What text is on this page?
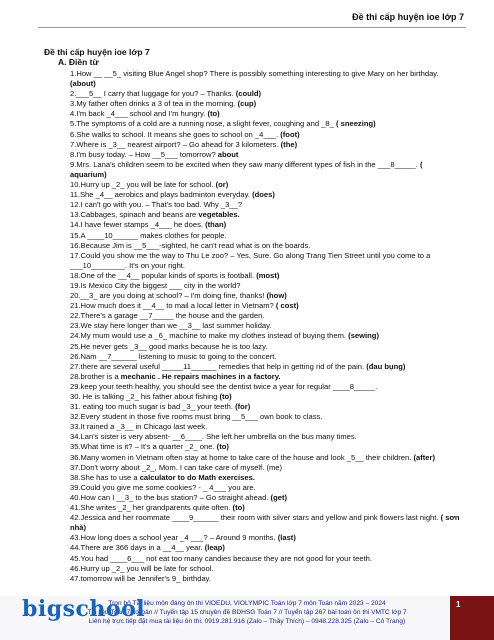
Đề thi cấp huyện ioe lớp 7
Đề thi cấp huyện ioe lớp 7
A. Điền từ
1.How __ __5_ visiting Blue Angel shop? There is possibly something interesting to give Mary on her birthday. (about)
2.___5__ I carry that luggage for you? – Thanks. (could)
3.My father often drinks a 3 of tea in the morning. (cup)
4.I'm back _4___ school and I'm hungry. (to)
5.The symptoms of a cold are a running nose, a slight fever, coughing and _8_ ( sneezing)
6.She walks to school. It means she goes to school on _4___. (foot)
7.Where is _3__ nearest airport? – Go ahead for 3 kilometers. (the)
8.I'm busy today. – How __5___ tomorrow? about
9.Mrs. Lana's children seem to be excited when they saw many different types of fish in the ___8_____. ( aquarium)
10.Hurry up _2_ you will be late for school. (or)
11.She _4__ aerobics and plays badminton everyday. (does)
12.I can't go with you. – That's too bad. Why _3__?
13.Cabbages, spinach and beans are vegetables.
14.I have fewer stamps _4___ he does. (than)
15.A ____10______ makes clothes for people.
16.Because Jim is __5___-sighted, he can't read what is on the boards.
17.Could you show me the way to Thu Le zoo? – Yes, Sure. Go along Trang Tien Street until you come to a ___10________. It's on your right.
18.One of the __4__ popular kinds of sports is football. (most)
19.Is Mexico City the biggest ___ city in the world?
20.__3_ are you doing at school? – I'm doing fine, thanks! (how)
21.How much does it __4__ to mail a local letter in Vietnam? ( cost)
22.There's a garage __7_____ the house and the garden.
23.We stay here longer than we __3__ last summer holiday.
24.My mum would use a _6_ machine to make my clothes instead of buying them. (sewing)
25.He never gets _3__ good marks because he is too lazy.
26.Nam __7______ listening to music to going to the concert.
27.there are several useful _____11______ remedies that help in getting rid of the pain. (đau bụng)
28.brother is a mechanic . He repairs machines in a factory.
29.keep your teeth healthy, you should see the dentist twice a year for regular ____8_____.
30. He is talking _2_ his father about fishing (to)
31. eating too much sugar is bad _3_ your teeth. (for)
32.Every student in those five rooms must bring __5___ own book to class.
33.It rained a _3__ in Chicago last week.
34.Lan's sister is very absent- __6____. She left her umbrella on the bus many times.
35.What time is it? – It's a quarter _2_ one. (to)
36.Many women in Vietnam often stay at home to take care of the house and look _5__ their children. (after)
37.Don't worry about _2_, Mom. I can take care of myself. (me)
38.She has to use a calculator to do Math exercises.
39.Could you give me some cookies? - _ 4___ you are.
40.How can I __3_ to the bus station? – Go straight ahead. (get)
41.She writes _2_ her grandparents quite often. (to)
42.Jessica and her roommate ____9______ their room with silver stars and yellow and pink flowers last night. ( sơn nhà)
43.How long does a school year _4 ___? – Around 9 months. (last)
44.There are 366 days in a __4__ year. (leap)
45.You had ____6___ not eat too many candies because they are not good for your teeth.
46.Hurry up _2_ you will be late for school.
47.tomorrow will be Jennifer's 9_ birthday.
Trọn bộ Tài liệu môn đáng ôn thi VIOEDU, VIOLYMPIC Toán lớp 7 môn Toán năm 2023 – 2024
Tài liệu Toán 7 cơ bản // Tuyển tập 15 chuyên đề BDHSG Toán 7 // Tuyển tập 267 bài toán ôn thi VMTC lớp 7
Liên hệ trực tiếp đặt mua tài liệu ôn thi: 0919.281.916 (Zalo – Thầy Thích) – 0948.228.325 (Zalo – Cô Trang)
bigschool	1
